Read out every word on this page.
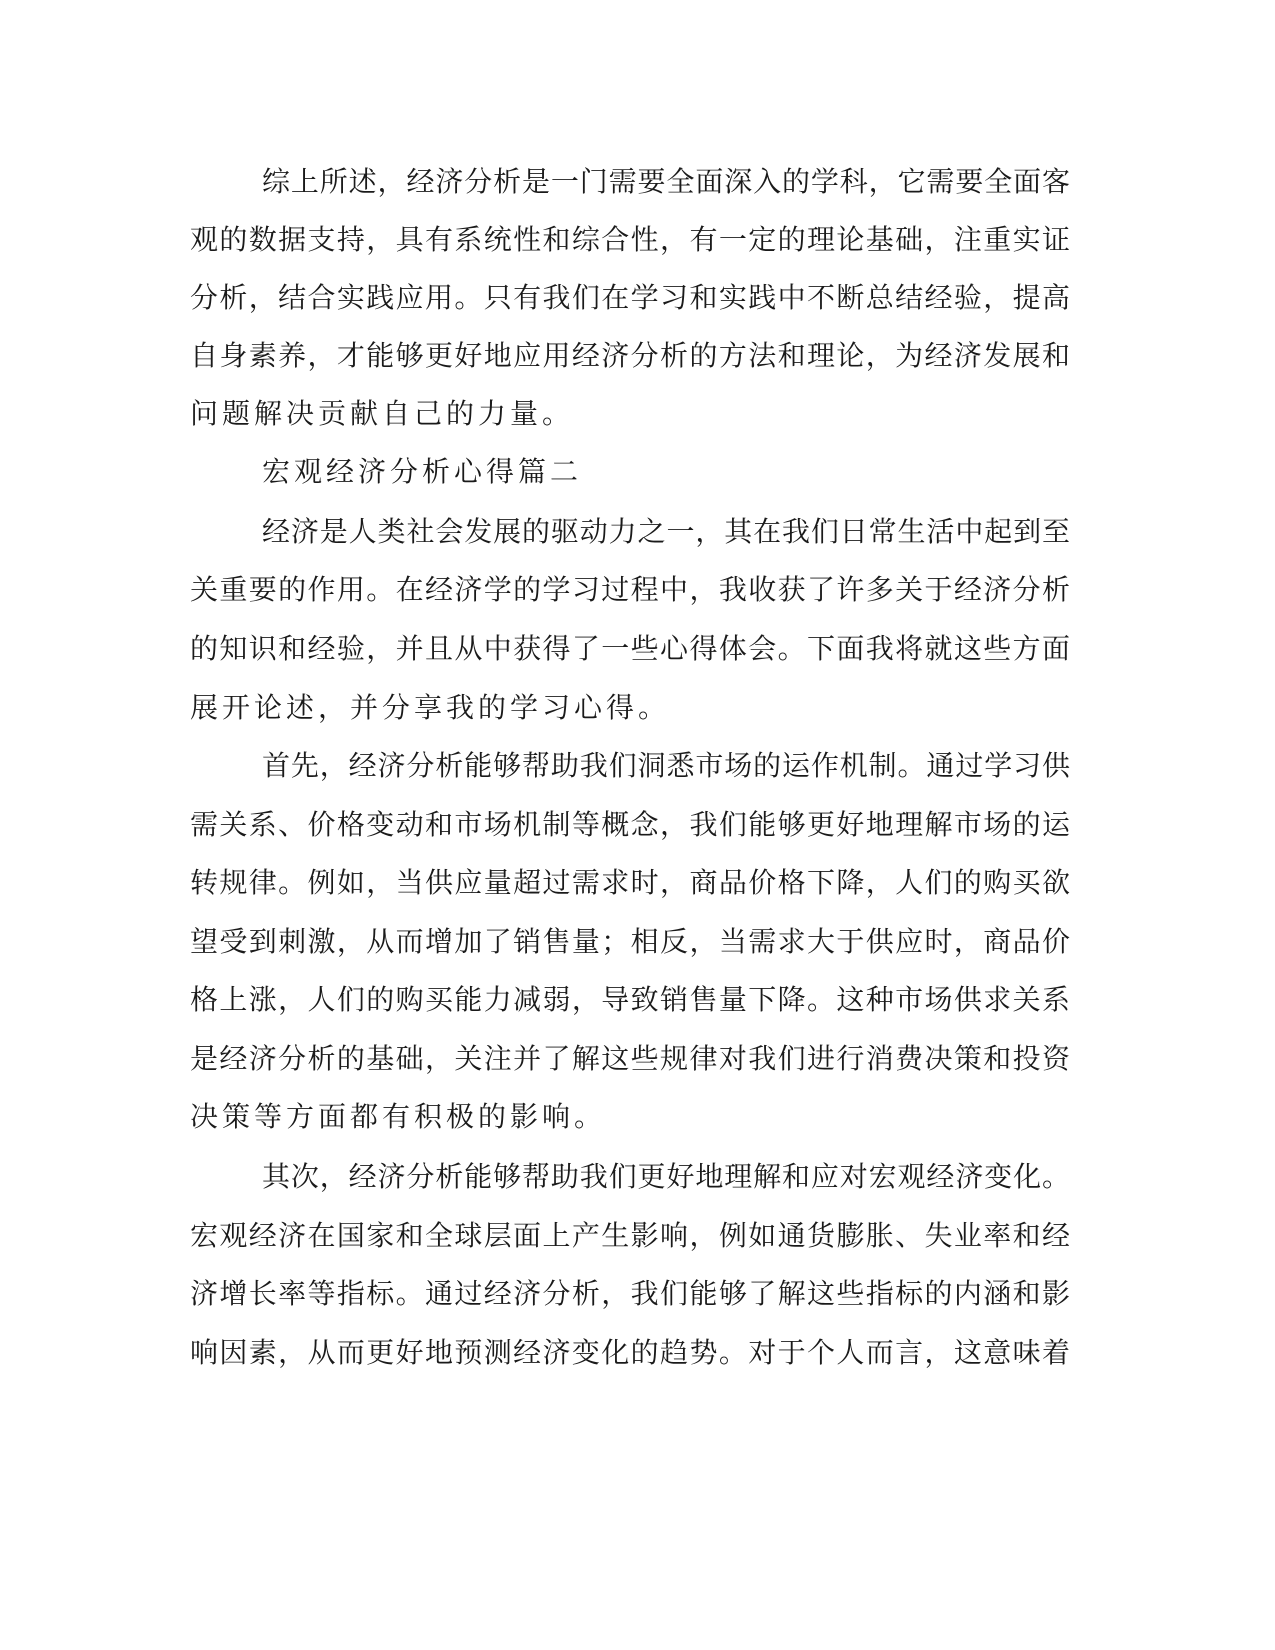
综上所述，经济分析是一门需要全面深入的学科，它需要全面客
观的数据支持，具有系统性和综合性，有一定的理论基础，注重实证
分析，结合实践应用。只有我们在学习和实践中不断总结经验，提高
自身素养，才能够更好地应用经济分析的方法和理论，为经济发展和
问题解决贡献自己的力量。
宏观经济分析心得篇二
经济是人类社会发展的驱动力之一，其在我们日常生活中起到至
关重要的作用。在经济学的学习过程中，我收获了许多关于经济分析
的知识和经验，并且从中获得了一些心得体会。下面我将就这些方面
展开论述，并分享我的学习心得。
首先，经济分析能够帮助我们洞悉市场的运作机制。通过学习供
需关系、价格变动和市场机制等概念，我们能够更好地理解市场的运
转规律。例如，当供应量超过需求时，商品价格下降，人们的购买欲
望受到刺激，从而增加了销售量；相反，当需求大于供应时，商品价
格上涨，人们的购买能力减弱，导致销售量下降。这种市场供求关系
是经济分析的基础，关注并了解这些规律对我们进行消费决策和投资
决策等方面都有积极的影响。
其次，经济分析能够帮助我们更好地理解和应对宏观经济变化。
宏观经济在国家和全球层面上产生影响，例如通货膨胀、失业率和经
济增长率等指标。通过经济分析，我们能够了解这些指标的内涵和影
响因素，从而更好地预测经济变化的趋势。对于个人而言，这意味着
